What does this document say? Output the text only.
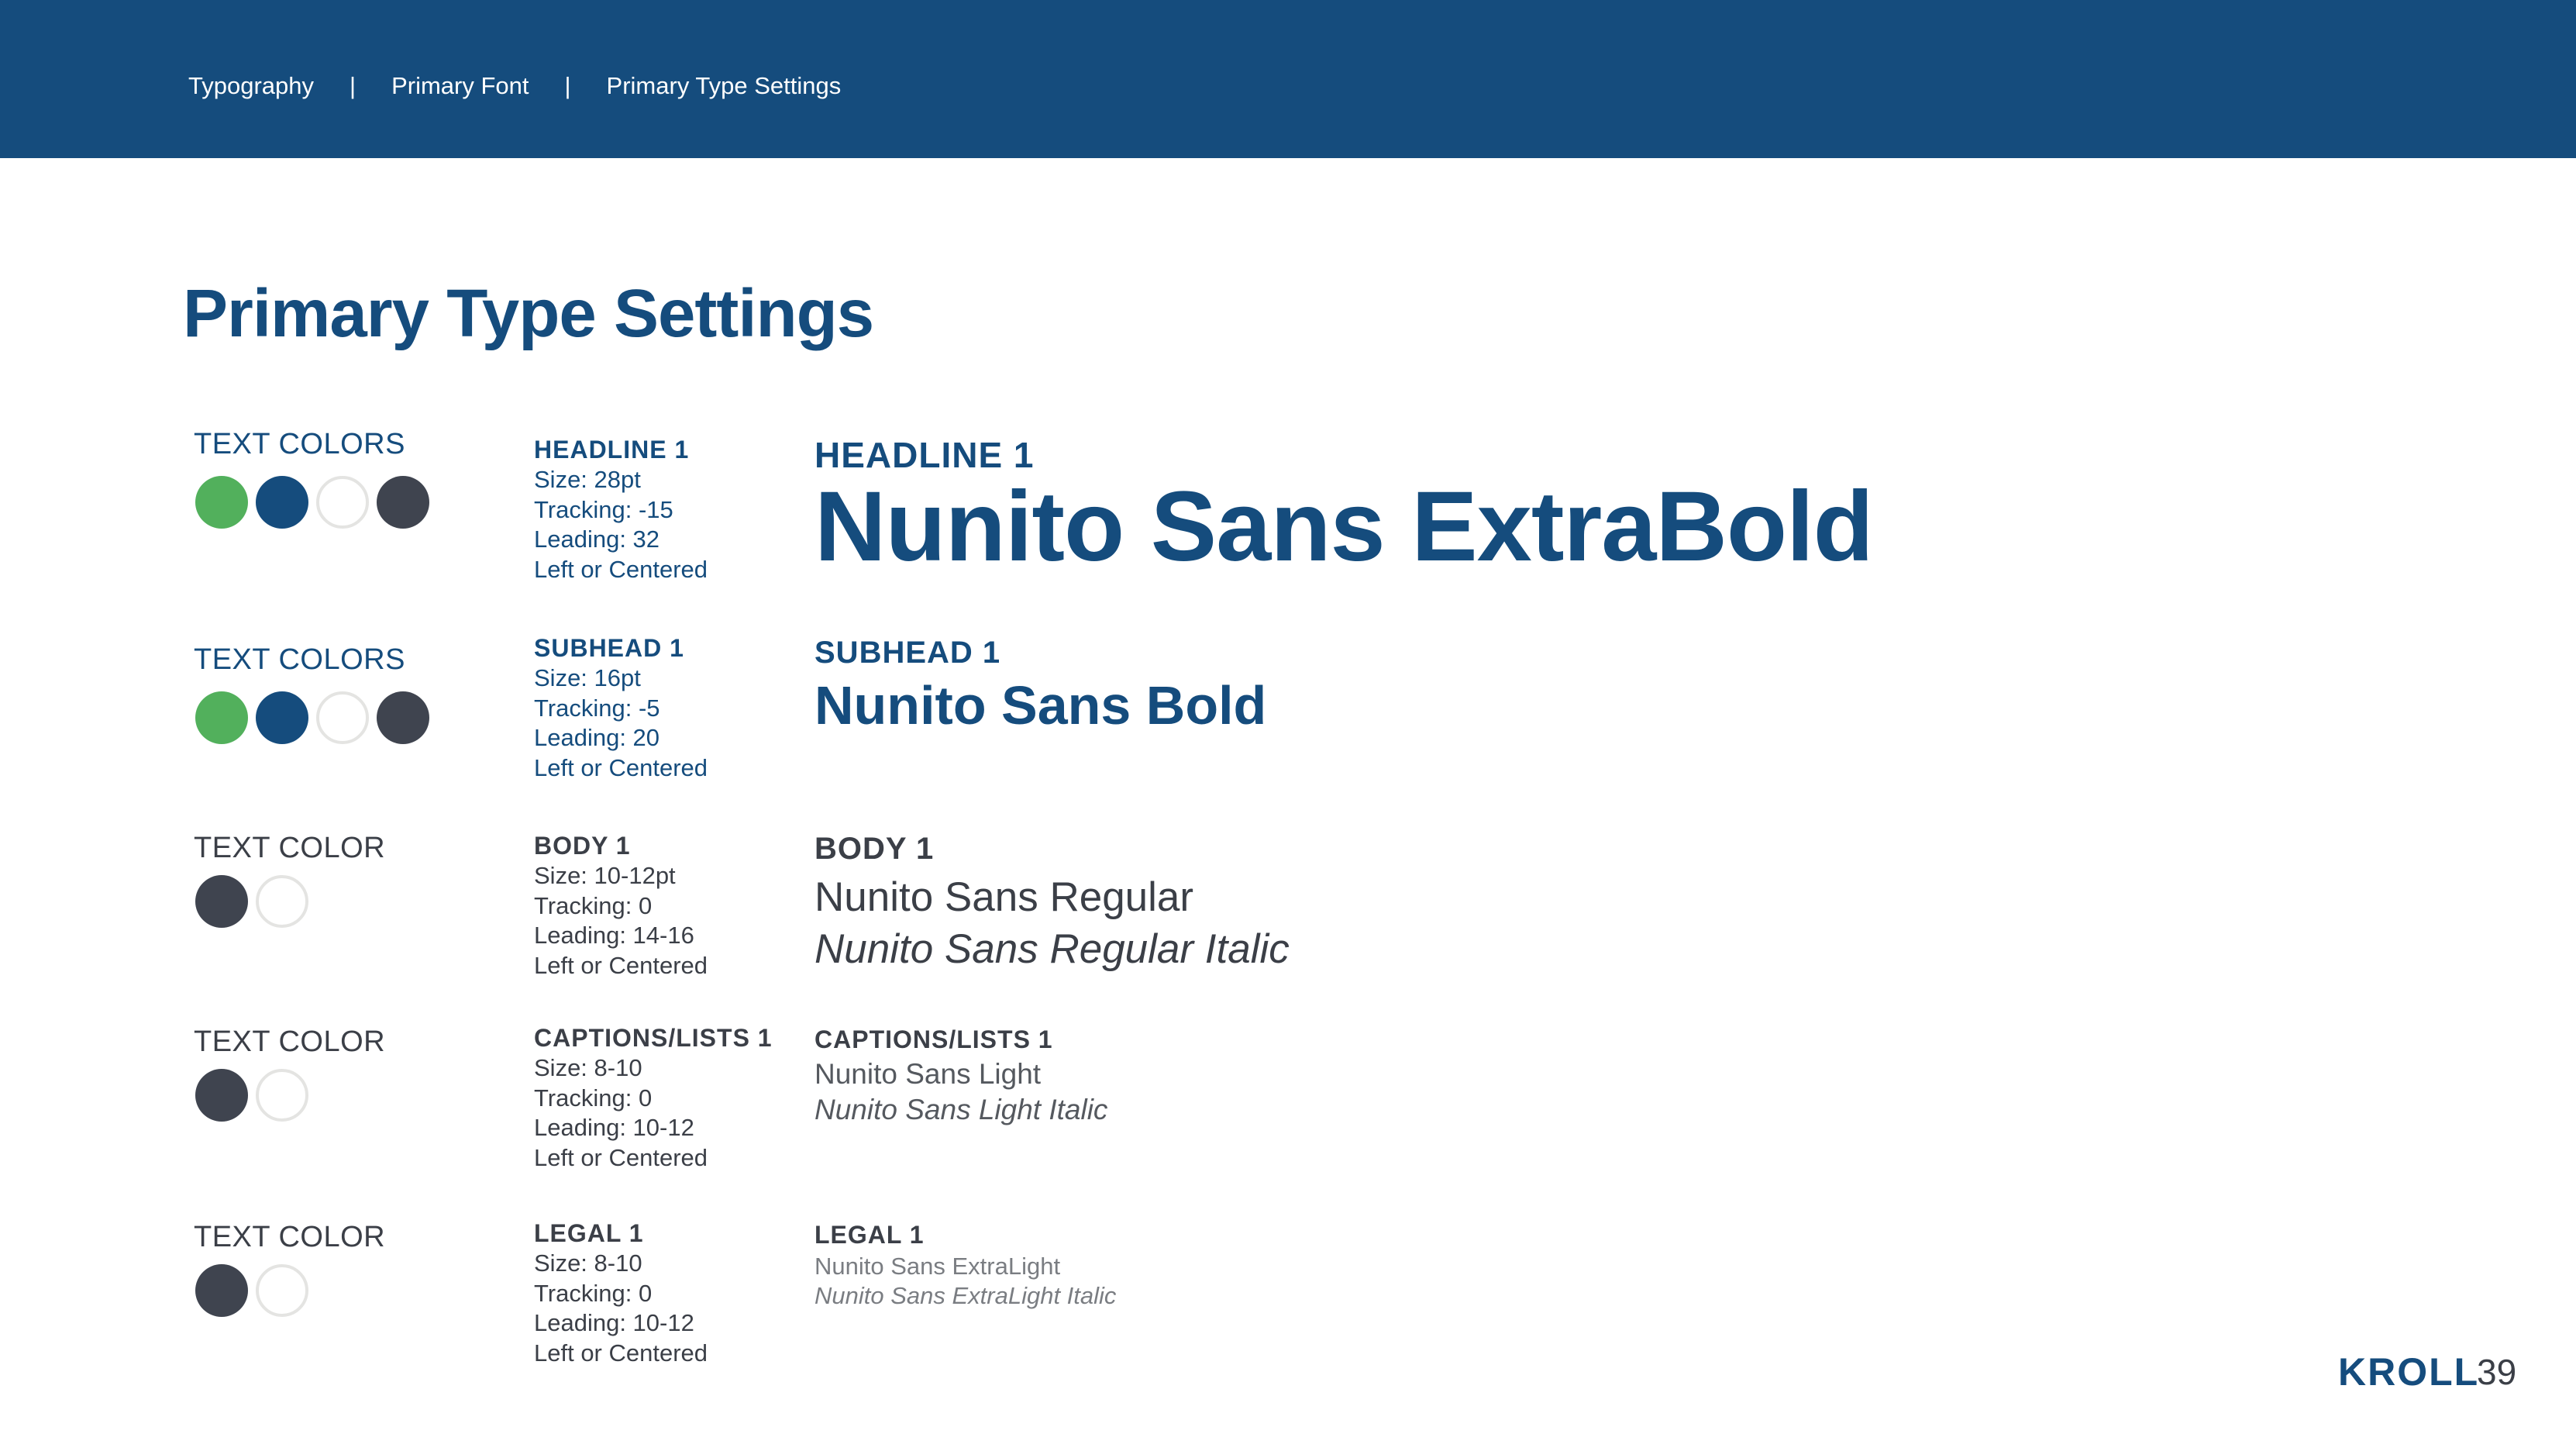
Typography | Primary Font | Primary Type Settings
Primary Type Settings
TEXT COLORS	HEADLINE 1
Size: 28pt
Tracking: -15
Leading: 32
Left or Centered
HEADLINE 1
Nunito Sans ExtraBold
TEXT COLORS	SUBHEAD 1
Size: 16pt
Tracking: -5
Leading: 20
Left or Centered
SUBHEAD 1
Nunito Sans Bold
TEXT COLOR	BODY 1
Size: 10-12pt
Tracking: 0
Leading: 14-16
Left or Centered
BODY 1
Nunito Sans Regular
Nunito Sans Regular Italic
TEXT COLOR	CAPTIONS/LISTS 1
Size: 8-10
Tracking: 0
Leading: 10-12
Left or Centered
CAPTIONS/LISTS 1
Nunito Sans Light
Nunito Sans Light Italic
TEXT COLOR	LEGAL 1
Size: 8-10
Tracking: 0
Leading: 10-12
Left or Centered
LEGAL 1
Nunito Sans ExtraLight
Nunito Sans ExtraLight Italic
KROLL
39
